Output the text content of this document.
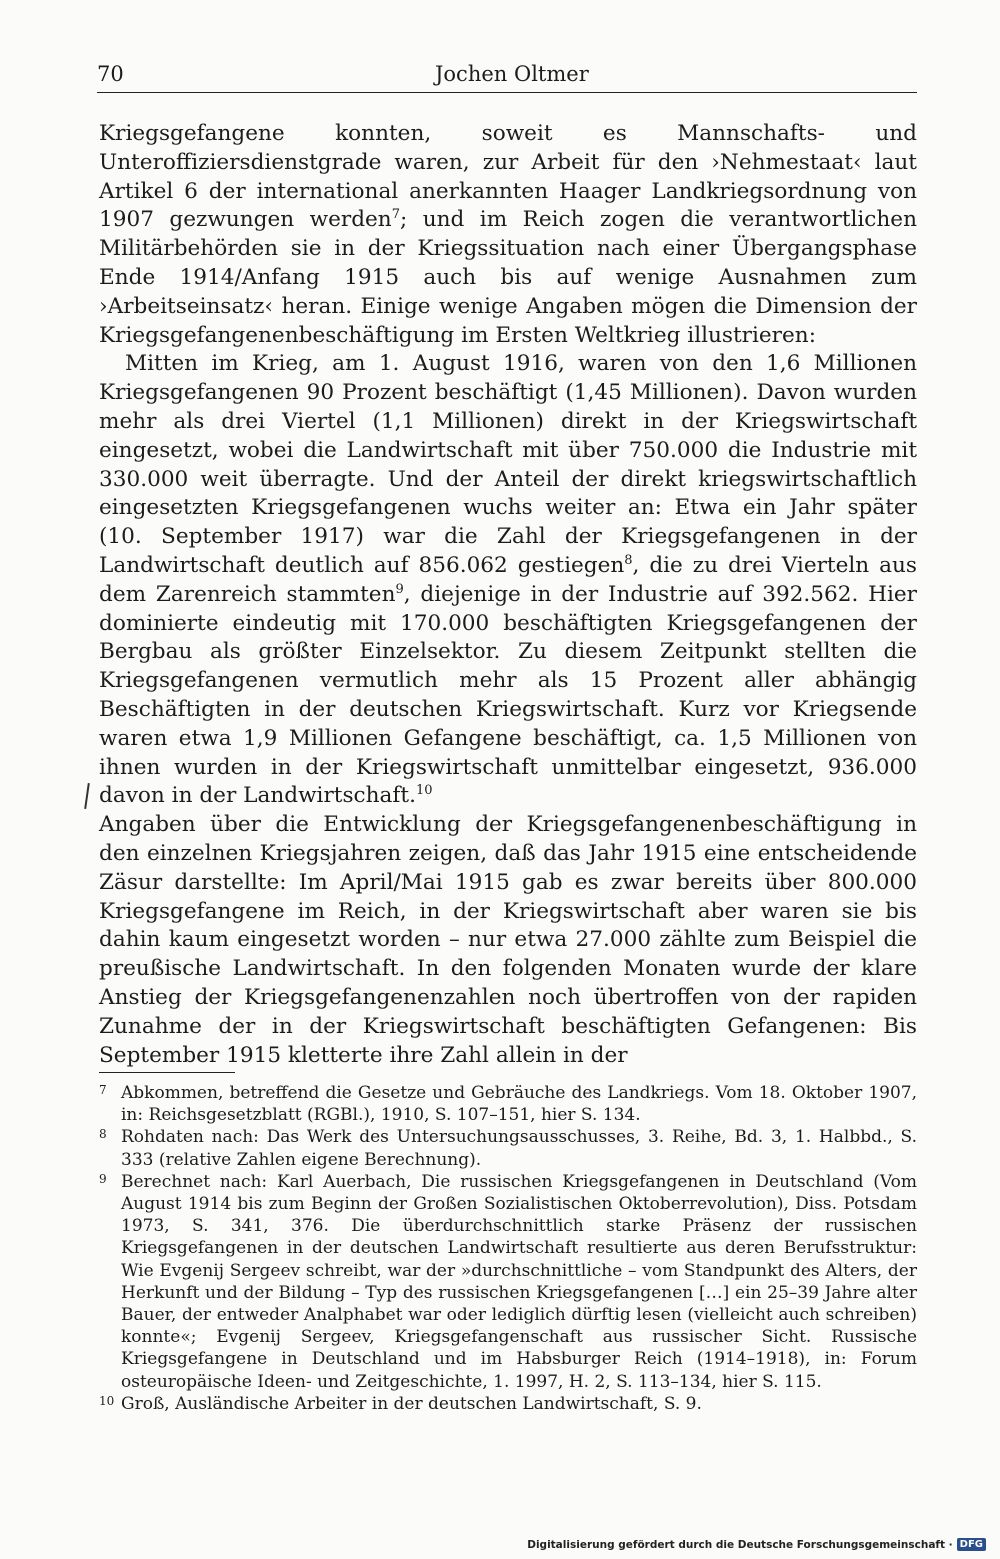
70	Jochen Oltmer

Kriegsgefangene konnten, soweit es Mannschafts- und Unteroffiziersdienstgrade waren, zur Arbeit für den ›Nehmestaat‹ laut Artikel 6 der international anerkannten Haager Landkriegsordnung von 1907 gezwungen werden$^7$; und im Reich zogen die verantwortlichen Militärbehörden sie in der Kriegssituation nach einer Übergangsphase Ende 1914/Anfang 1915 auch bis auf wenige Ausnahmen zum ›Arbeitseinsatz‹ heran. Einige wenige Angaben mögen die Dimension der Kriegsgefangenenbeschäftigung im Ersten Weltkrieg illustrieren:

Mitten im Krieg, am 1. August 1916, waren von den 1,6 Millionen Kriegsgefangenen 90 Prozent beschäftigt (1,45 Millionen). Davon wurden mehr als drei Viertel (1,1 Millionen) direkt in der Kriegswirtschaft eingesetzt, wobei die Landwirtschaft mit über 750.000 die Industrie mit 330.000 weit überragte. Und der Anteil der direkt kriegswirtschaftlich eingesetzten Kriegsgefangenen wuchs weiter an: Etwa ein Jahr später (10. September 1917) war die Zahl der Kriegsgefangenen in der Landwirtschaft deutlich auf 856.062 gestiegen$^8$, die zu drei Vierteln aus dem Zarenreich stammten$^9$, diejenige in der Industrie auf 392.562. Hier dominierte eindeutig mit 170.000 beschäftigten Kriegsgefangenen der Bergbau als größter Einzelsektor. Zu diesem Zeitpunkt stellten die Kriegsgefangenen vermutlich mehr als 15 Prozent aller abhängig Beschäftigten in der deutschen Kriegswirtschaft. Kurz vor Kriegsende waren etwa 1,9 Millionen Gefangene beschäftigt, ca. 1,5 Millionen von ihnen wurden in der Kriegswirtschaft unmittelbar eingesetzt, 936.000 davon in der Landwirtschaft.$^{10}$

Angaben über die Entwicklung der Kriegsgefangenenbeschäftigung in den einzelnen Kriegsjahren zeigen, daß das Jahr 1915 eine entscheidende Zäsur darstellte: Im April/Mai 1915 gab es zwar bereits über 800.000 Kriegsgefangene im Reich, in der Kriegswirtschaft aber waren sie bis dahin kaum eingesetzt worden – nur etwa 27.000 zählte zum Beispiel die preußische Landwirtschaft. In den folgenden Monaten wurde der klare Anstieg der Kriegsgefangenenzahlen noch übertroffen von der rapiden Zunahme der in der Kriegswirtschaft beschäftigten Gefangenen: Bis September 1915 kletterte ihre Zahl allein in der

7 Abkommen, betreffend die Gesetze und Gebräuche des Landkriegs. Vom 18. Oktober 1907, in: Reichsgesetzblatt (RGBl.), 1910, S. 107–151, hier S. 134.
8 Rohdaten nach: Das Werk des Untersuchungsausschusses, 3. Reihe, Bd. 3, 1. Halbbd., S. 333 (relative Zahlen eigene Berechnung).
9 Berechnet nach: Karl Auerbach, Die russischen Kriegsgefangenen in Deutschland (Vom August 1914 bis zum Beginn der Großen Sozialistischen Oktoberrevolution), Diss. Potsdam 1973, S. 341, 376. Die überdurchschnittlich starke Präsenz der russischen Kriegsgefangenen in der deutschen Landwirtschaft resultierte aus deren Berufsstruktur: Wie Evgenij Sergeev schreibt, war der »durchschnittliche – vom Standpunkt des Alters, der Herkunft und der Bildung – Typ des russischen Kriegsgefangenen […] ein 25–39 Jahre alter Bauer, der entweder Analphabet war oder lediglich dürftig lesen (vielleicht auch schreiben) konnte«; Evgenij Sergeev, Kriegsgefangenschaft aus russischer Sicht. Russische Kriegsgefangene in Deutschland und im Habsburger Reich (1914–1918), in: Forum osteuropäische Ideen- und Zeitgeschichte, 1. 1997, H. 2, S. 113–134, hier S. 115.
10 Groß, Ausländische Arbeiter in der deutschen Landwirtschaft, S. 9.
Digitalisierung gefördert durch die Deutsche Forschungsgemeinschaft · DFG
